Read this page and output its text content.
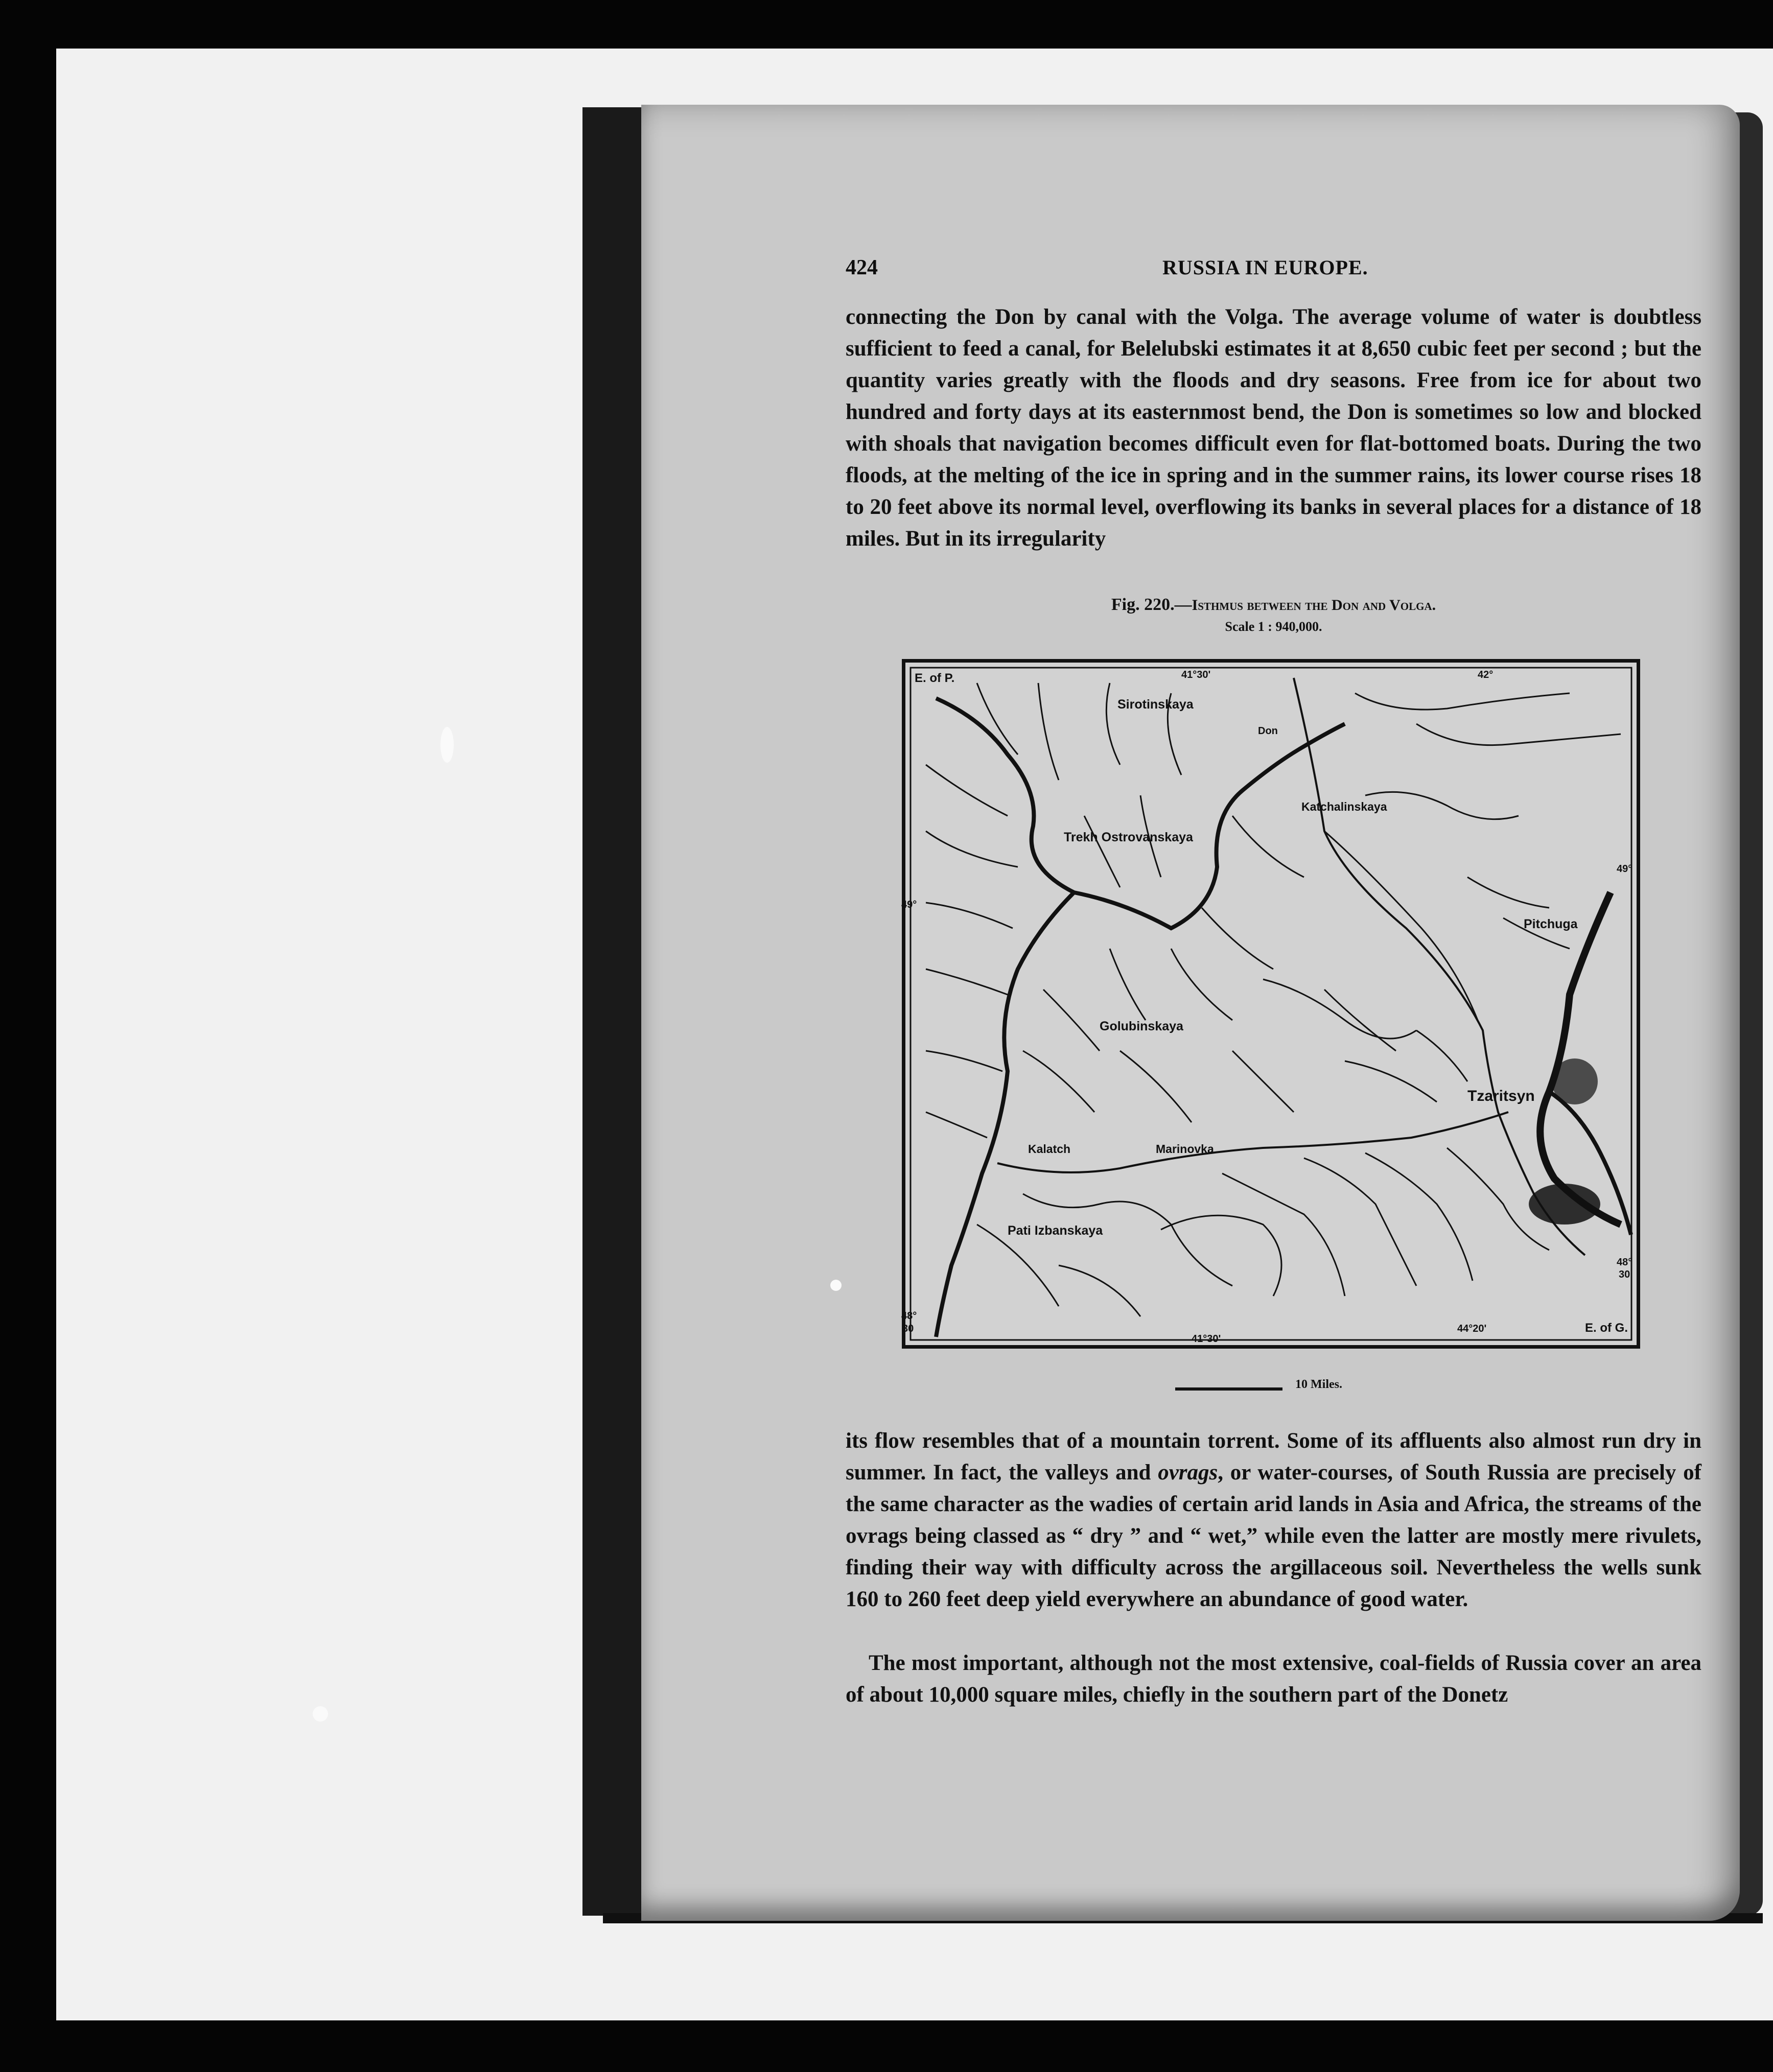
424	RUSSIA IN EUROPE.

connecting the Don by canal with the Volga. The average volume of water is doubtless sufficient to feed a canal, for Belelubski estimates it at 8,650 cubic feet per second ; but the quantity varies greatly with the floods and dry seasons. Free from ice for about two hundred and forty days at its easternmost bend, the Don is sometimes so low and blocked with shoals that navigation becomes difficult even for flat-bottomed boats. During the two floods, at the melting of the ice in spring and in the summer rains, its lower course rises 18 to 20 feet above its normal level, overflowing its banks in several places for a distance of 18 miles. But in its irregularity

Fig. 220.—Isthmus between the Don and Volga.
Scale 1 : 940,000.
E. of P.
E. of G.
41°30'	42°
41°30'
44°20'
49°
48°
30
49°
48°
30
Sirotinskaya
Don
Katchalinskaya
Trekh Ostrovanskaya
Pitchuga
Golubinskaya
Tzaritsyn
Kalatch	Marinovka
Pati Izbanskaya
10 Miles.

its flow resembles that of a mountain torrent. Some of its affluents also almost run dry in summer. In fact, the valleys and ovrags, or water-courses, of South Russia are precisely of the same character as the wadies of certain arid lands in Asia and Africa, the streams of the ovrags being classed as “ dry ” and “ wet,” while even the latter are mostly mere rivulets, finding their way with difficulty across the argillaceous soil. Nevertheless the wells sunk 160 to 260 feet deep yield everywhere an abundance of good water.

The most important, although not the most extensive, coal-fields of Russia cover an area of about 10,000 square miles, chiefly in the southern part of the Donetz
